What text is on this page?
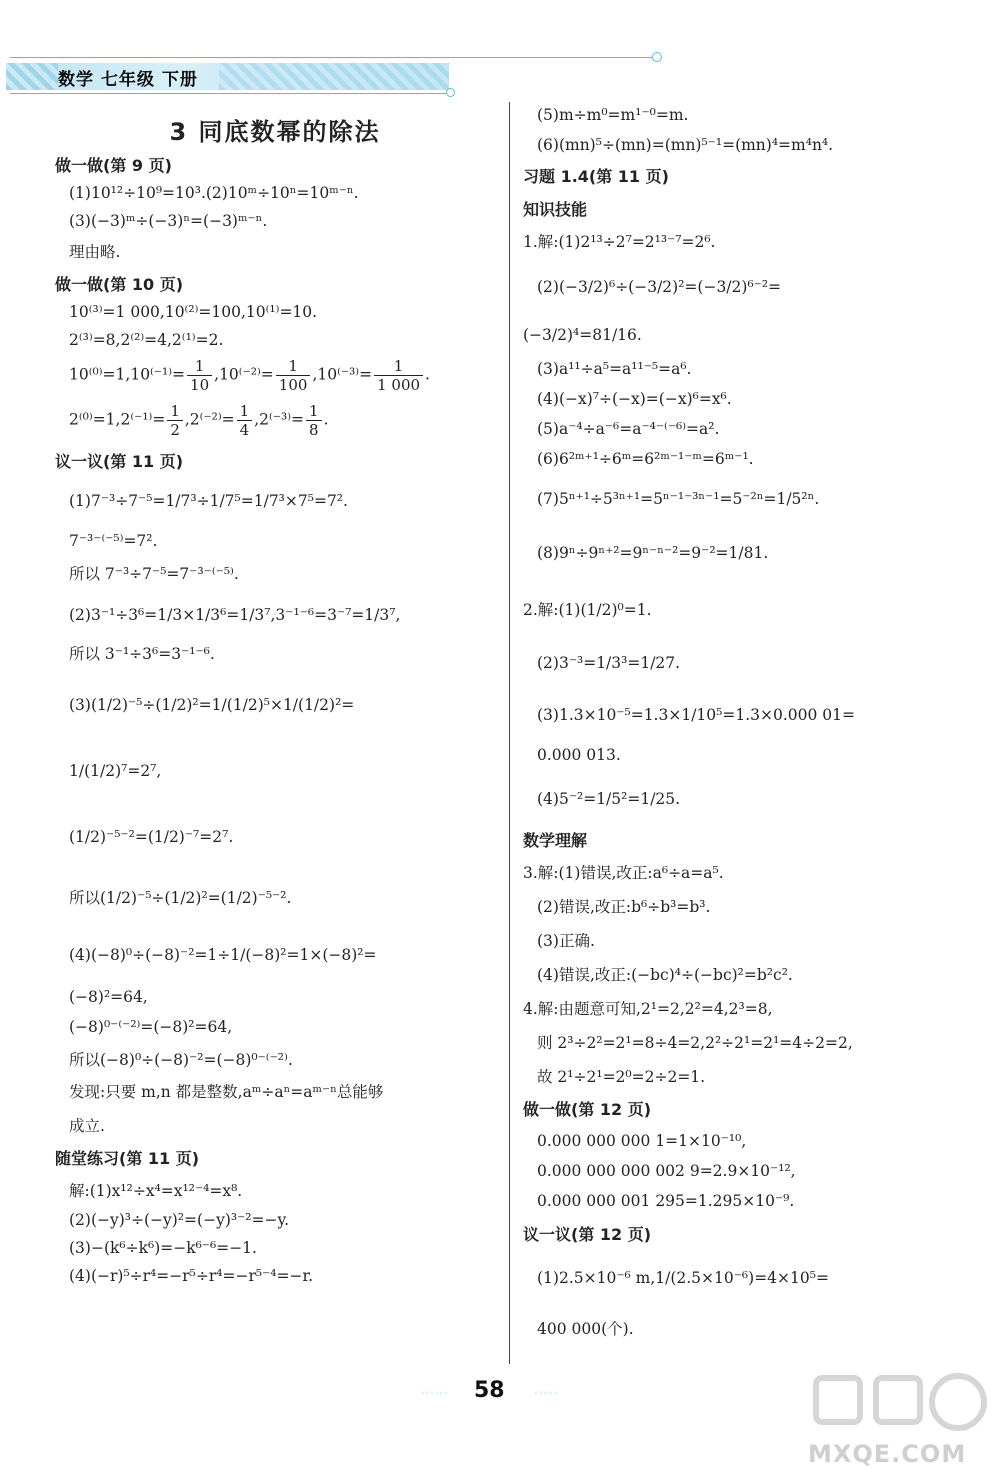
数学 七年级 下册
3 同底数幂的除法

做一做(第 9 页)

(1)10¹²÷10⁹=10³.(2)10ᵐ÷10ⁿ=10ᵐ⁻ⁿ.

(3)(−3)ᵐ÷(−3)ⁿ=(−3)ᵐ⁻ⁿ.

理由略.

做一做(第 10 页)

10⁽³⁾=1 000,10⁽²⁾=100,10⁽¹⁾=10.

2⁽³⁾=8,2⁽²⁾=4,2⁽¹⁾=2.

$10^{(0)}=1,10^{(-1)}= \frac{1}{10} ,10^{(-2)}= \frac{1}{100} ,10^{(-3)}= \frac{1}{1 000}$ .

$2^{(0)}=1,2^{(-1)}= \frac{1}{2} ,2^{(-2)}= \frac{1}{4} ,2^{(-3)}= \frac{1}{8}$ .

议一议(第 11 页)

(1)7⁻³÷7⁻⁵=1/7³÷1/7⁵=1/7³×7⁵=7².

7⁻³⁻⁽⁻⁵⁾=7².

所以 7⁻³÷7⁻⁵=7⁻³⁻⁽⁻⁵⁾.

(2)3⁻¹÷3⁶=1/3×1/3⁶=1/3⁷,3⁻¹⁻⁶=3⁻⁷=1/3⁷,

所以 3⁻¹÷3⁶=3⁻¹⁻⁶.

(3)(1/2)⁻⁵÷(1/2)²=1/(1/2)⁵×1/(1/2)²=

1/(1/2)⁷=2⁷,

(1/2)⁻⁵⁻²=(1/2)⁻⁷=2⁷.

所以(1/2)⁻⁵÷(1/2)²=(1/2)⁻⁵⁻².

(4)(−8)⁰÷(−8)⁻²=1÷1/(−8)²=1×(−8)²=

(−8)²=64,

(−8)⁰⁻⁽⁻²⁾=(−8)²=64,

所以(−8)⁰÷(−8)⁻²=(−8)⁰⁻⁽⁻²⁾.

发现:只要 m,n 都是整数,aᵐ÷aⁿ=aᵐ⁻ⁿ总能够

成立.

随堂练习(第 11 页)

解:(1)x¹²÷x⁴=x¹²⁻⁴=x⁸.

(2)(−y)³÷(−y)²=(−y)³⁻²=−y.

(3)−(k⁶÷k⁶)=−k⁶⁻⁶=−1.

(4)(−r)⁵÷r⁴=−r⁵÷r⁴=−r⁵⁻⁴=−r.

(5)m÷m⁰=m¹⁻⁰=m.

(6)(mn)⁵÷(mn)=(mn)⁵⁻¹=(mn)⁴=m⁴n⁴.

习题 1.4(第 11 页)

知识技能

1.解:(1)2¹³÷2⁷=2¹³⁻⁷=2⁶.

(2)(−3/2)⁶÷(−3/2)²=(−3/2)⁶⁻²=

(−3/2)⁴=81/16.

(3)a¹¹÷a⁵=a¹¹⁻⁵=a⁶.

(4)(−x)⁷÷(−x)=(−x)⁶=x⁶.

(5)a⁻⁴÷a⁻⁶=a⁻⁴⁻⁽⁻⁶⁾=a².

(6)6²ᵐ⁺¹÷6ᵐ=6²ᵐ⁻¹⁻ᵐ=6ᵐ⁻¹.

(7)5ⁿ⁺¹÷5³ⁿ⁺¹=5ⁿ⁻¹⁻³ⁿ⁻¹=5⁻²ⁿ=1/5²ⁿ.

(8)9ⁿ÷9ⁿ⁺²=9ⁿ⁻ⁿ⁻²=9⁻²=1/81.

2.解:(1)(1/2)⁰=1.

(2)3⁻³=1/3³=1/27.

(3)1.3×10⁻⁵=1.3×1/10⁵=1.3×0.000 01=

0.000 013.

(4)5⁻²=1/5²=1/25.

数学理解

3.解:(1)错误,改正:a⁶÷a=a⁵.

(2)错误,改正:b⁶÷b³=b³.

(3)正确.

(4)错误,改正:(−bc)⁴÷(−bc)²=b²c².

4.解:由题意可知,2¹=2,2²=4,2³=8,

则 2³÷2²=2¹=8÷4=2,2²÷2¹=2¹=4÷2=2,

故 2¹÷2¹=2⁰=2÷2=1.

做一做(第 12 页)

0.000 000 000 1=1×10⁻¹⁰,

0.000 000 000 002 9=2.9×10⁻¹²,

0.000 000 001 295=1.295×10⁻⁹.

议一议(第 12 页)

(1)2.5×10⁻⁶ m,1/(2.5×10⁻⁶)=4×10⁵=

400 000(个).

◦◦◦◦◦◦ 58	◦◦◦◦◦
MXQE.COM
